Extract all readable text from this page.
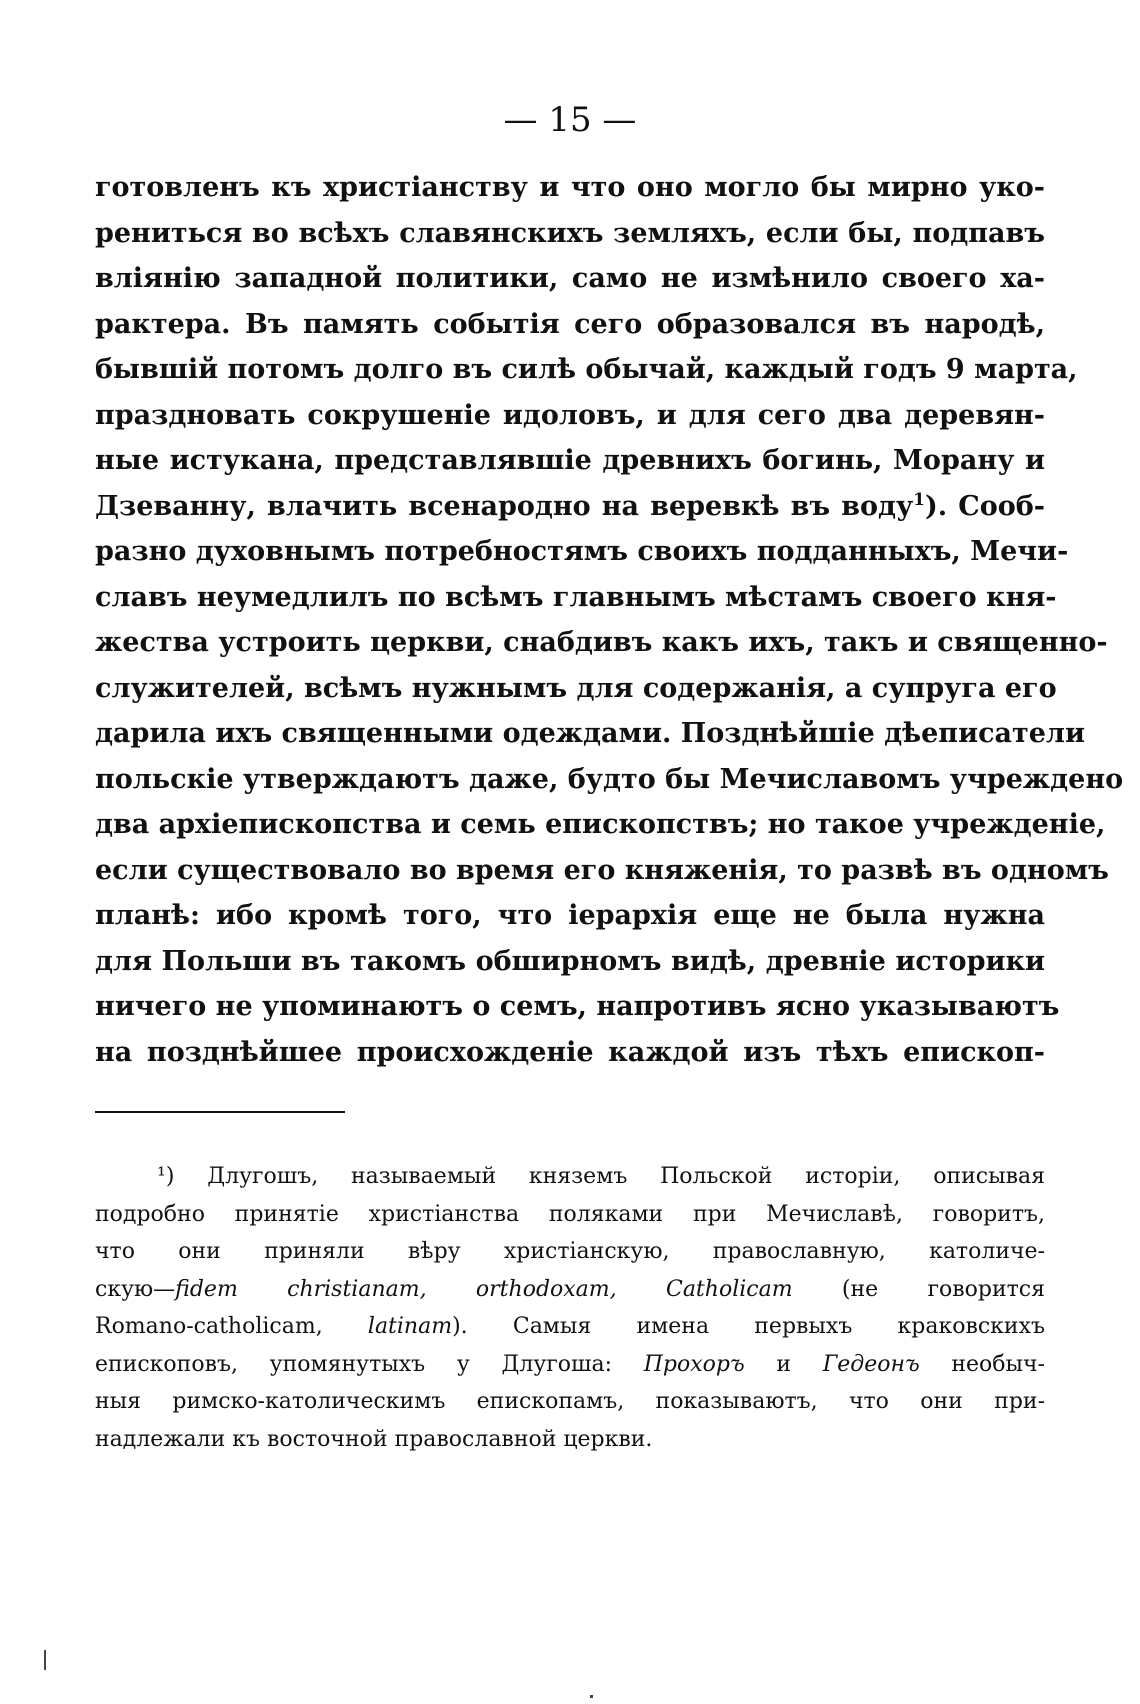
— 15 —
готовленъ къ христіанству и что оно могло бы мирно уко-
рениться во всѣхъ славянскихъ земляхъ, если бы, подпавъ
вліянію западной политики, само не измѣнило своего ха-
рактера. Въ память событія сего образовался въ народѣ,
бывшій потомъ долго въ силѣ обычай, каждый годъ 9 марта,
праздновать сокрушеніе идоловъ, и для сего два деревян-
ные истукана, представлявшіе древнихъ богинь, Морану и
Дзеванну, влачить всенародно на веревкѣ въ воду$^1$). Сооб-
разно духовнымъ потребностямъ своихъ подданныхъ, Мечи-
славъ неумедлилъ по всѣмъ главнымъ мѣстамъ своего кня-
жества устроить церкви, снабдивъ какъ ихъ, такъ и священно-
служителей, всѣмъ нужнымъ для содержанія, а супруга его
дарила ихъ священными одеждами. Позднѣйшіе дѣеписатели
польскіе утверждаютъ даже, будто бы Мечиславомъ учреждено
два архіепископства и семь епископствъ; но такое учрежденіе,
если существовало во время его княженія, то развѣ въ одномъ
планѣ: ибо кромѣ того, что іерархія еще не была нужна
для Польши въ такомъ обширномъ видѣ, древніе историки
ничего не упоминаютъ о семъ, напротивъ ясно указываютъ
на позднѣйшее происхожденіе каждой изъ тѣхъ епископ-
¹) Длугошъ, называемый княземъ Польской исторіи, описывая
подробно принятіе христіанства поляками при Мечиславѣ, говоритъ,
что они приняли вѣру христіанскую, православную, католиче-
скую—fidem christianam, orthodoxam, Catholicam (не говорится
Romano-catholicam, latinam). Самыя имена первыхъ краковскихъ
епископовъ, упомянутыхъ у Длугоша: Прохоръ и Гедеонъ необыч-
ныя римско-католическимъ епископамъ, показываютъ, что они при-
надлежали къ восточной православной церкви.
